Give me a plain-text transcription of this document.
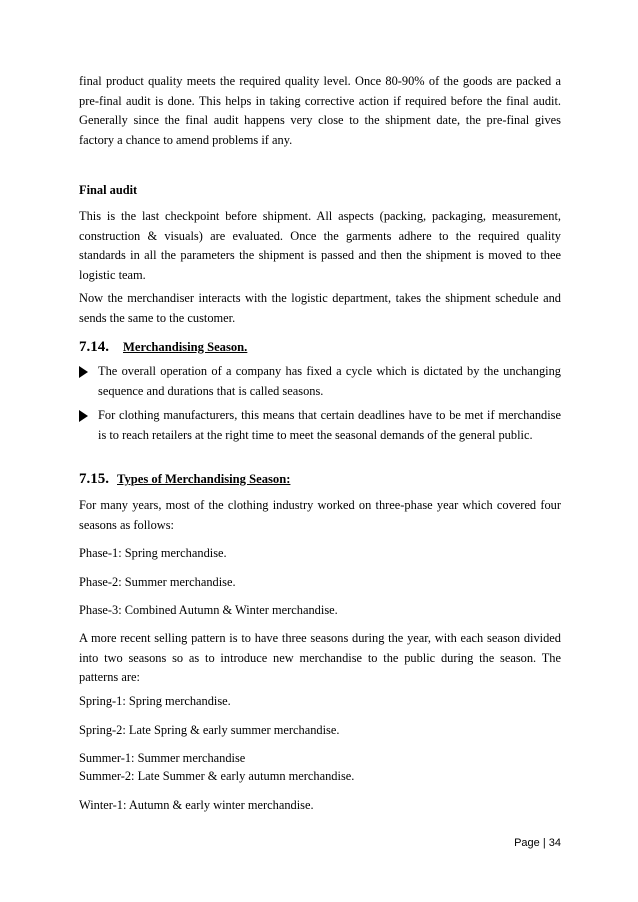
final product quality meets the required quality level. Once 80-90% of the goods are packed a pre-final audit is done. This helps in taking corrective action if required before the final audit. Generally since the final audit happens very close to the shipment date, the pre-final gives factory a chance to amend problems if any.

Final audit

This is the last checkpoint before shipment. All aspects (packing, packaging, measurement, construction & visuals) are evaluated. Once the garments adhere to the required quality standards in all the parameters the shipment is passed and then the shipment is moved to thee logistic team.

Now the merchandiser interacts with the logistic department, takes the shipment schedule and sends the same to the customer.

7.14. Merchandising Season.

The overall operation of a company has fixed a cycle which is dictated by the unchanging sequence and durations that is called seasons.

For clothing manufacturers, this means that certain deadlines have to be met if merchandise is to reach retailers at the right time to meet the seasonal demands of the general public.

7.15. Types of Merchandising Season:

For many years, most of the clothing industry worked on three-phase year which covered four seasons as follows:

Phase-1: Spring merchandise.
Phase-2: Summer merchandise.
Phase-3: Combined Autumn & Winter merchandise.

A more recent selling pattern is to have three seasons during the year, with each season divided into two seasons so as to introduce new merchandise to the public during the season. The patterns are:

Spring-1: Spring merchandise.
Spring-2: Late Spring & early summer merchandise.
Summer-1: Summer merchandise
Summer-2: Late Summer & early autumn merchandise.
Winter-1: Autumn & early winter merchandise.
Page | 34
